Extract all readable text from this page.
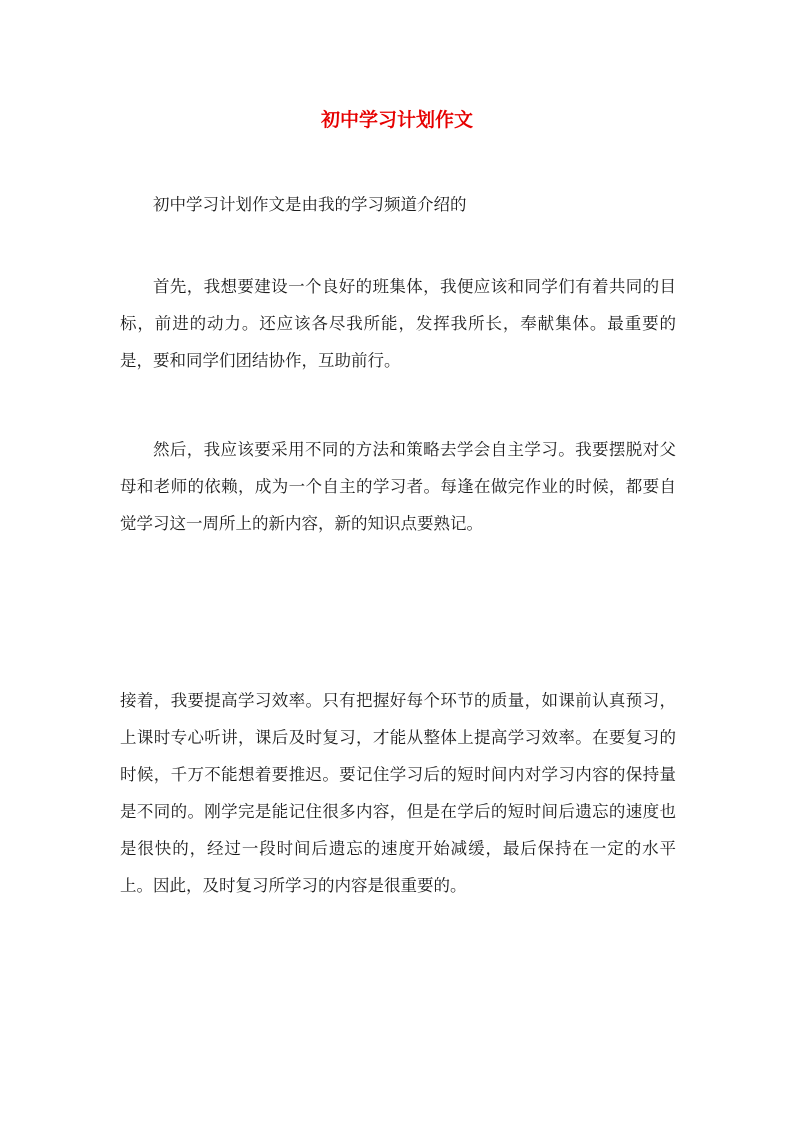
初中学习计划作文

初中学习计划作文是由我的学习频道介绍的

首先，我想要建设一个良好的班集体，我便应该和同学们有着共同的目标，前进的动力。还应该各尽我所能，发挥我所长，奉献集体。最重要的是，要和同学们团结协作，互助前行。

然后，我应该要采用不同的方法和策略去学会自主学习。我要摆脱对父母和老师的依赖，成为一个自主的学习者。每逢在做完作业的时候，都要自觉学习这一周所上的新内容，新的知识点要熟记。

接着，我要提高学习效率。只有把握好每个环节的质量，如课前认真预习，上课时专心听讲，课后及时复习，才能从整体上提高学习效率。在要复习的时候，千万不能想着要推迟。要记住学习后的短时间内对学习内容的保持量是不同的。刚学完是能记住很多内容，但是在学后的短时间后遗忘的速度也是很快的，经过一段时间后遗忘的速度开始减缓，最后保持在一定的水平上。因此，及时复习所学习的内容是很重要的。
